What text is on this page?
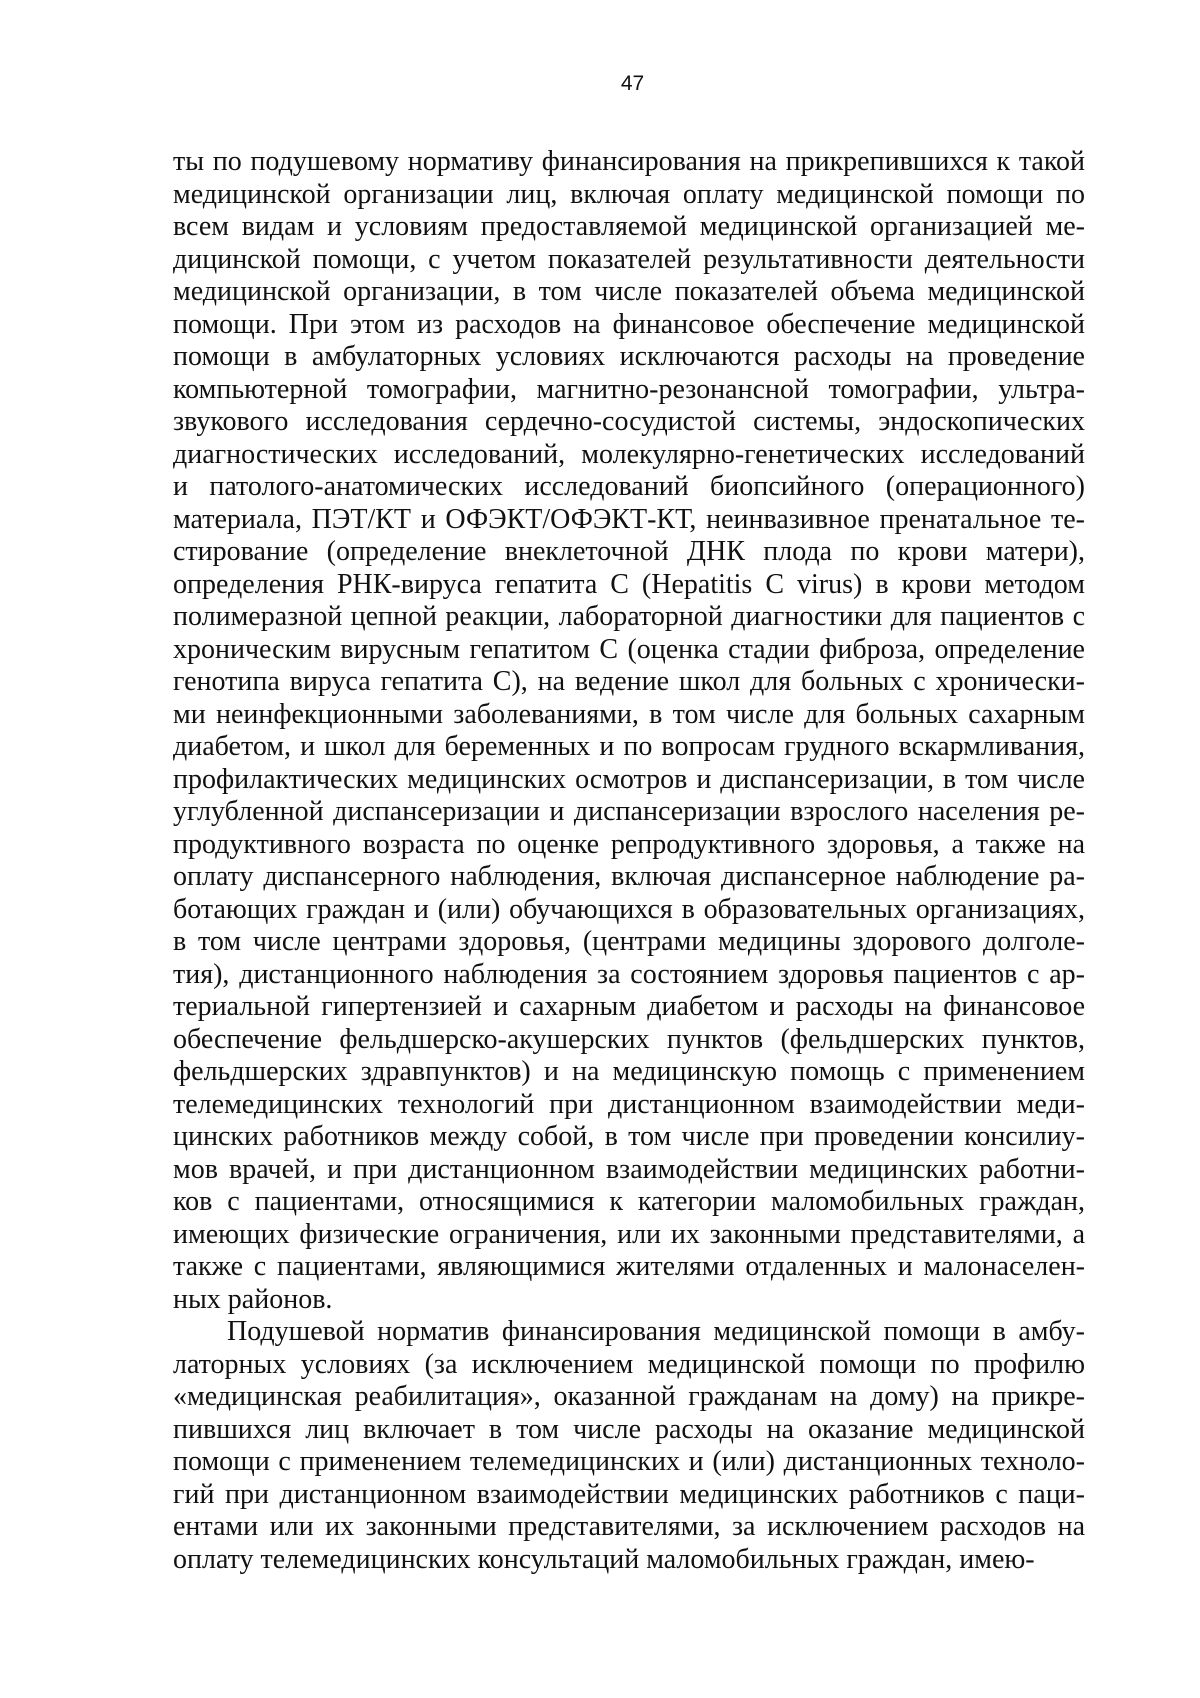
47
ты по подушевому нормативу финансирования на прикрепившихся к такой
медицинской организации лиц, включая оплату медицинской помощи по
всем видам и условиям предоставляемой медицинской организацией ме-
дицинской помощи, с учетом показателей результативности деятельности
медицинской организации, в том числе показателей объема медицинской
помощи. При этом из расходов на финансовое обеспечение медицинской
помощи в амбулаторных условиях исключаются расходы на проведение
компьютерной томографии, магнитно-резонансной томографии, ультра-
звукового исследования сердечно-сосудистой системы, эндоскопических
диагностических исследований, молекулярно-генетических исследований
и патолого-анатомических исследований биопсийного (операционного)
материала, ПЭТ/КТ и ОФЭКТ/ОФЭКТ-КТ, неинвазивное пренатальное те-
стирование (определение внеклеточной ДНК плода по крови матери),
определения РНК-вируса гепатита С (Hepatitis С virus) в крови методом
полимеразной цепной реакции, лабораторной диагностики для пациентов с
хроническим вирусным гепатитом С (оценка стадии фиброза, определение
генотипа вируса гепатита С), на ведение школ для больных с хронически-
ми неинфекционными заболеваниями, в том числе для больных сахарным
диабетом, и школ для беременных и по вопросам грудного вскармливания,
профилактических медицинских осмотров и диспансеризации, в том числе
углубленной диспансеризации и диспансеризации взрослого населения ре-
продуктивного возраста по оценке репродуктивного здоровья, а также на
оплату диспансерного наблюдения, включая диспансерное наблюдение ра-
ботающих граждан и (или) обучающихся в образовательных организациях,
в том числе центрами здоровья, (центрами медицины здорового долголе-
тия), дистанционного наблюдения за состоянием здоровья пациентов с ар-
териальной гипертензией и сахарным диабетом и расходы на финансовое
обеспечение фельдшерско-акушерских пунктов (фельдшерских пунктов,
фельдшерских здравпунктов) и на медицинскую помощь с применением
телемедицинских технологий при дистанционном взаимодействии меди-
цинских работников между собой, в том числе при проведении консилиу-
мов врачей, и при дистанционном взаимодействии медицинских работни-
ков с пациентами, относящимися к категории маломобильных граждан,
имеющих физические ограничения, или их законными представителями, а
также с пациентами, являющимися жителями отдаленных и малонаселен-
ных районов.
Подушевой норматив финансирования медицинской помощи в амбу-
латорных условиях (за исключением медицинской помощи по профилю
«медицинская реабилитация», оказанной гражданам на дому) на прикре-
пившихся лиц включает в том числе расходы на оказание медицинской
помощи с применением телемедицинских и (или) дистанционных техноло-
гий при дистанционном взаимодействии медицинских работников с паци-
ентами или их законными представителями, за исключением расходов на
оплату телемедицинских консультаций маломобильных граждан, имею-
